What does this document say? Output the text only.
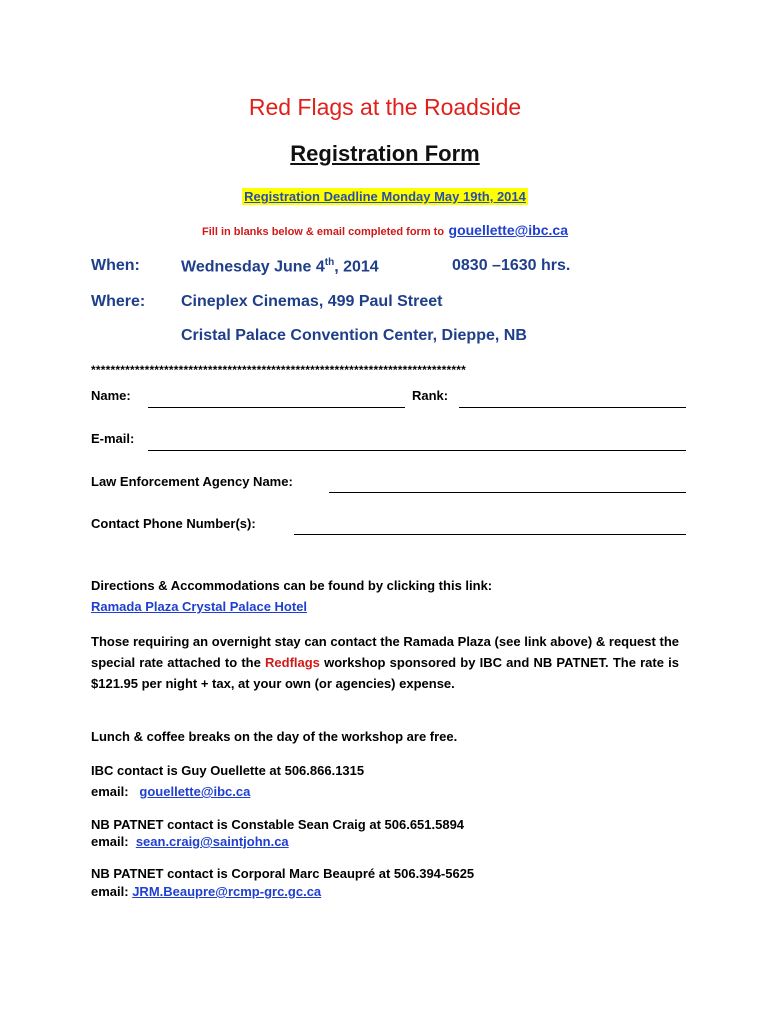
Red Flags at the Roadside
Registration Form
Registration Deadline Monday May 19th, 2014
Fill in blanks below & email completed form to gouellette@ibc.ca
When:	Wednesday June 4th, 2014	0830 –1630 hrs.
Where: Cineplex Cinemas, 499 Paul Street
Cristal Palace Convention Center, Dieppe, NB
*****************************************************************************
Name:	Rank:
E-mail:
Law Enforcement Agency Name:
Contact Phone Number(s):
Directions & Accommodations can be found by clicking this link:
Ramada Plaza Crystal Palace Hotel
Those requiring an overnight stay can contact the Ramada Plaza (see link above) & request the special rate attached to the Redflags workshop sponsored by IBC and NB PATNET. The rate is $121.95 per night + tax, at your own (or agencies) expense.
Lunch & coffee breaks on the day of the workshop are free.
IBC contact is Guy Ouellette at 506.866.1315
email: gouellette@ibc.ca
NB PATNET contact is Constable Sean Craig at 506.651.5894
email: sean.craig@saintjohn.ca
NB PATNET contact is Corporal Marc Beaupré at 506.394-5625
email: JRM.Beaupre@rcmp-grc.gc.ca
